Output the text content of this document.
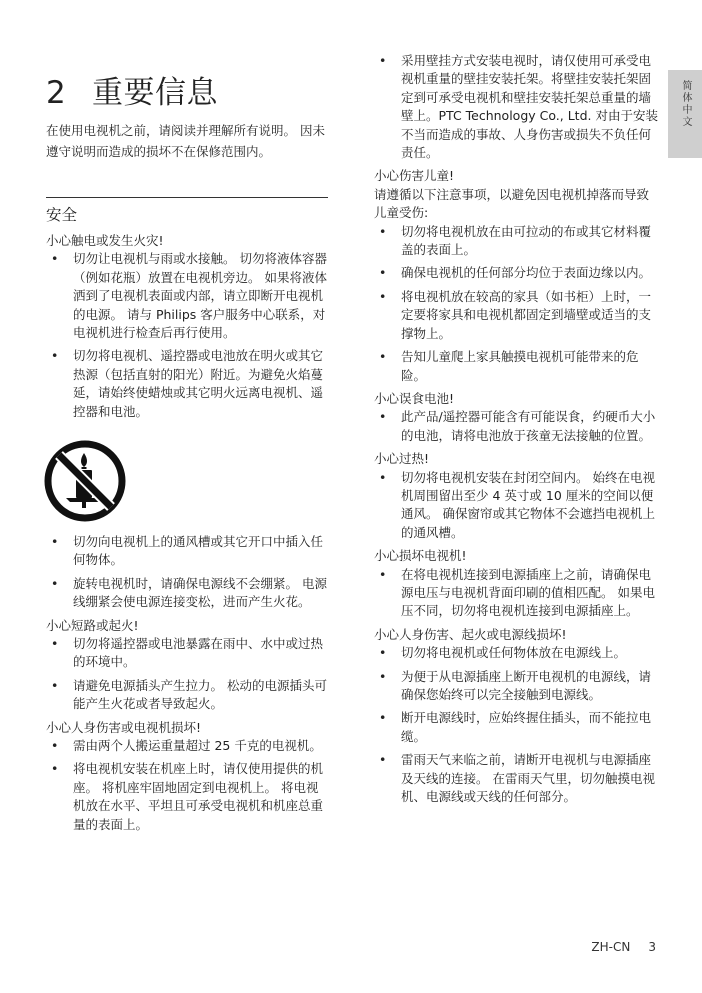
2 重要信息

在使用电视机之前，请阅读并理解所有说明。 因未遵守说明而造成的损坏不在保修范围内。

安全
小心触电或发生火灾!
• 切勿让电视机与雨或水接触。 切勿将液体容器（例如花瓶）放置在电视机旁边。 如果将液体洒到了电视机表面或内部，请立即断开电视机的电源。 请与 Philips 客户服务中心联系，对电视机进行检查后再行使用。
• 切勿将电视机、遥控器或电池放在明火或其它热源（包括直射的阳光）附近。为避免火焰蔓延，请始终使蜡烛或其它明火远离电视机、遥控器和电池。
• 切勿向电视机上的通风槽或其它开口中插入任何物体。
• 旋转电视机时，请确保电源线不会绷紧。 电源线绷紧会使电源连接变松，进而产生火花。
小心短路或起火!
• 切勿将遥控器或电池暴露在雨中、水中或过热的环境中。
• 请避免电源插头产生拉力。 松动的电源插头可能产生火花或者导致起火。
小心人身伤害或电视机损坏!
• 需由两个人搬运重量超过 25 千克的电视机。
• 将电视机安装在机座上时，请仅使用提供的机座。 将机座牢固地固定到电视机上。 将电视机放在水平、平坦且可承受电视机和机座总重量的表面上。
• 采用壁挂方式安装电视时，请仅使用可承受电视机重量的壁挂安装托架。将壁挂安装托架固定到可承受电视机和壁挂安装托架总重量的墙壁上。PTC Technology Co., Ltd. 对由于安装不当而造成的事故、人身伤害或损失不负任何责任。
小心伤害儿童!
请遵循以下注意事项，以避免因电视机掉落而导致儿童受伤:
• 切勿将电视机放在由可拉动的布或其它材料覆盖的表面上。
• 确保电视机的任何部分均位于表面边缘以内。
• 将电视机放在较高的家具（如书柜）上时，一定要将家具和电视机都固定到墙壁或适当的支撑物上。
• 告知儿童爬上家具触摸电视机可能带来的危险。
小心误食电池!
• 此产品/遥控器可能含有可能误食，约硬币大小的电池，请将电池放于孩童无法接触的位置。
小心过热!
• 切勿将电视机安装在封闭空间内。 始终在电视机周围留出至少 4 英寸或 10 厘米的空间以便通风。 确保窗帘或其它物体不会遮挡电视机上的通风槽。
小心损坏电视机!
• 在将电视机连接到电源插座上之前，请确保电源电压与电视机背面印刷的值相匹配。 如果电压不同，切勿将电视机连接到电源插座上。
小心人身伤害、起火或电源线损坏!
• 切勿将电视机或任何物体放在电源线上。
• 为便于从电源插座上断开电视机的电源线，请确保您始终可以完全接触到电源线。
• 断开电源线时，应始终握住插头，而不能拉电缆。
• 雷雨天气来临之前，请断开电视机与电源插座及天线的连接。 在雷雨天气里，切勿触摸电视机、电源线或天线的任何部分。
简体中文
ZH-CN 3
